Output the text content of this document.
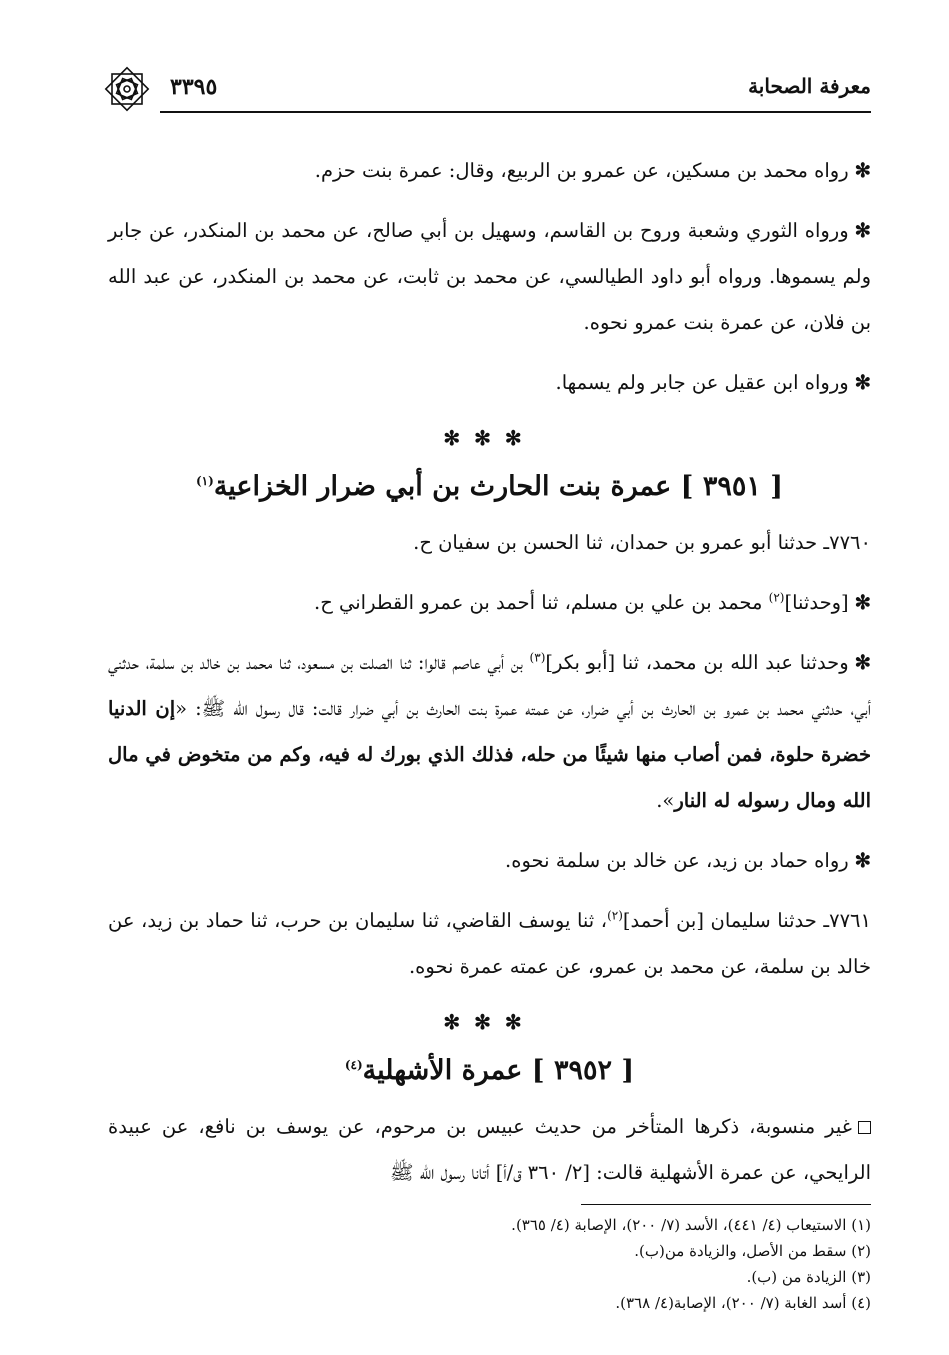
معرفة الصحابة
٣٣٩٥

✻رواه محمد بن مسكين، عن عمرو بن الربيع، وقال: عمرة بنت حزم.

✻ورواه الثوري وشعبة وروح بن القاسم، وسهيل بن أبي صالح، عن محمد بن المنكدر، عن جابر ولم يسموها. ورواه أبو داود الطيالسي، عن محمد بن ثابت، عن محمد بن المنكدر، عن عبد الله بن فلان، عن عمرة بنت عمرو نحوه.

✻ورواه ابن عقيل عن جابر ولم يسمها.

✻✻✻
[ ٣٩٥١ ] عمرة بنت الحارث بن أبي ضرار الخزاعية$^{(١)}$

٧٧٦٠ـ حدثنا أبو عمرو بن حمدان، ثنا الحسن بن سفيان ح.

✻[وحدثنا]$^{(٢)}$ محمد بن علي بن مسلم، ثنا أحمد بن عمرو القطراني ح.

✻وحدثنا عبد الله بن محمد، ثنا [أبو بكر]$^{(٣)}$ بن أبي عاصم قالوا: ثنا الصلت بن مسعود، ثنا محمد بن خالد بن سلمة، حدثني أبي، حدثني محمد بن عمرو بن الحارث بن أبي ضرار، عن عمته عمرة بنت الحارث بن أبي ضرار قالت: قال رسول الله ﷺ: «إن الدنيا خضرة حلوة، فمن أصاب منها شيئًا من حله، فذلك الذي بورك له فيه، وكم من متخوض في مال الله ومال رسوله له النار».

✻رواه حماد بن زيد، عن خالد بن سلمة نحوه.

٧٧٦١ـ حدثنا سليمان [بن أحمد]$^{(٢)}$، ثنا يوسف القاضي، ثنا سليمان بن حرب، ثنا حماد بن زيد، عن خالد بن سلمة، عن محمد بن عمرو، عن عمته عمرة نحوه.

✻✻✻
[ ٣٩٥٢ ] عمرة الأشهلية$^{(٤)}$

غير منسوبة، ذكرها المتأخر من حديث عبيس بن مرحوم، عن يوسف بن نافع، عن عبيدة الرايحي، عن عمرة الأشهلية قالت: [٢/ ٣٦٠ ق/أ] أتانا رسول الله ﷺ

(١) الاستيعاب (٤/ ٤٤١)، الأسد (٧/ ٢٠٠)، الإصابة (٤/ ٣٦٥).

(٢) سقط من الأصل، والزيادة من(ب).

(٣) الزيادة من (ب).

(٤) أسد الغابة (٧/ ٢٠٠)، الإصابة(٤/ ٣٦٨).
